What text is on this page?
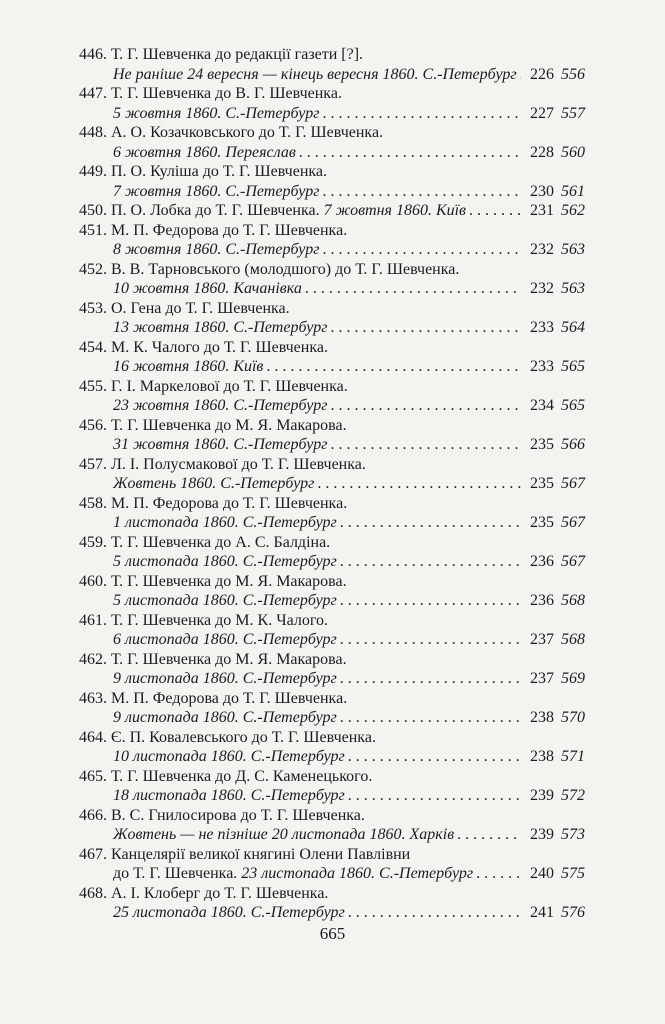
446. Т. Г. Шевченка до редакції газети [?].
Не раніше 24 вересня — кінець вересня 1860. С.-Петербург . . . 226 556
447. Т. Г. Шевченка до В. Г. Шевченка.
5 жовтня 1860. С.-Петербург . . .	227 557
448. А. О. Козачковського до Т. Г. Шевченка.
6 жовтня 1860. Переяслав . . .	228 560
449. П. О. Куліша до Т. Г. Шевченка.
7 жовтня 1860. С.-Петербург . . .	230 561
450. П. О. Лобка до Т. Г. Шевченка.
7 жовтня 1860. Київ . . .	231 562
451. М. П. Федорова до Т. Г. Шевченка.
8 жовтня 1860. С.-Петербург . . .	232 563
452. В. В. Тарновського (молодшого) до Т. Г. Шевченка.
10 жовтня 1860. Качанівка . . .	232 563
453. О. Гена до Т. Г. Шевченка.
13 жовтня 1860. С.-Петербург . . .	233 564
454. М. К. Чалого до Т. Г. Шевченка.
16 жовтня 1860. Київ . . .	233 565
455. Г. І. Маркелової до Т. Г. Шевченка.
23 жовтня 1860. С.-Петербург . . .	234 565
456. Т. Г. Шевченка до М. Я. Макарова.
31 жовтня 1860. С.-Петербург . . .	235 566
457. Л. І. Полусмакової до Т. Г. Шевченка.
Жовтень 1860. С.-Петербург . . .	235 567
458. М. П. Федорова до Т. Г. Шевченка.
1 листопада 1860. С.-Петербург . . .	235 567
459. Т. Г. Шевченка до А. С. Балдіна.
5 листопада 1860. С.-Петербург . . .	236 567
460. Т. Г. Шевченка до М. Я. Макарова.
5 листопада 1860. С.-Петербург . . .	236 568
461. Т. Г. Шевченка до М. К. Чалого.
6 листопада 1860. С.-Петербург . . .	237 568
462. Т. Г. Шевченка до М. Я. Макарова.
9 листопада 1860. С.-Петербург . . .	237 569
463. М. П. Федорова до Т. Г. Шевченка.
9 листопада 1860. С.-Петербург . . .	238 570
464. Є. П. Ковалевського до Т. Г. Шевченка.
10 листопада 1860. С.-Петербург . . .	238 571
465. Т. Г. Шевченка до Д. С. Каменецького.
18 листопада 1860. С.-Петербург . . .	239 572
466. В. С. Гнилосирова до Т. Г. Шевченка.
Жовтень — не пізніше 20 листопада 1860. Харків . . .	239 573
467. Канцелярії великої княгині Олени Павлівни
до Т. Г. Шевченка.
23 листопада 1860. С.-Петербург . . .	240 575
468. А. І. Клоберг до Т. Г. Шевченка.
25 листопада 1860. С.-Петербург . . .	241 576
665
